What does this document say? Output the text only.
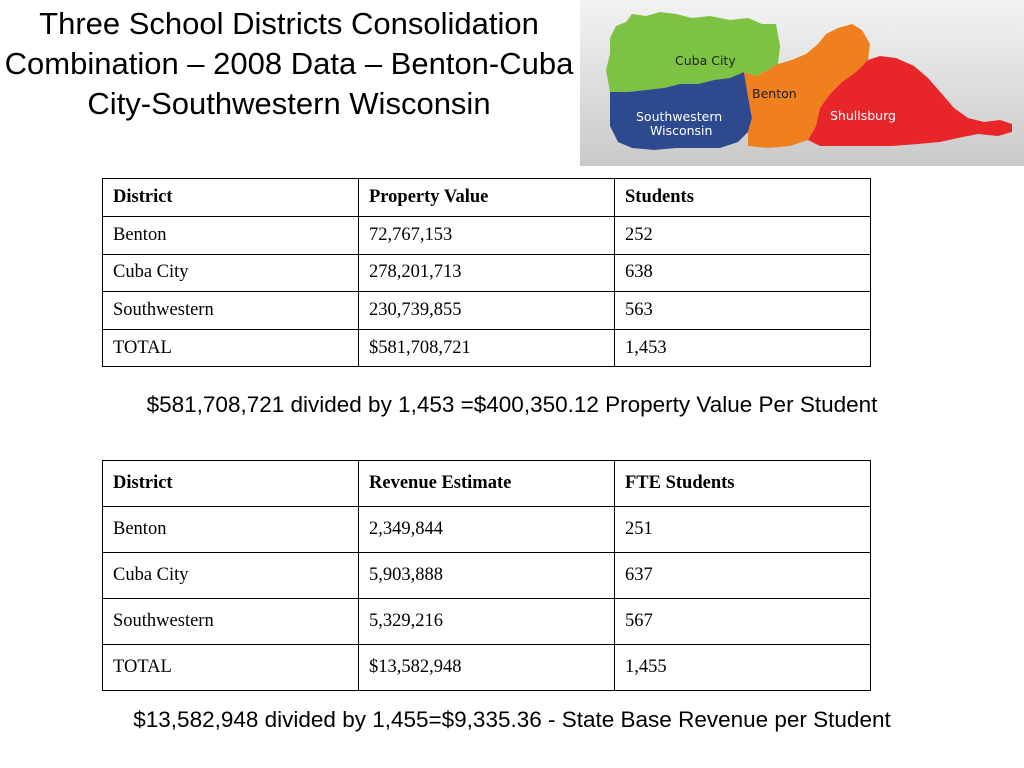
Three School Districts Consolidation Combination – 2008 Data – Benton-Cuba City-Southwestern Wisconsin
Cuba City
Benton
Southwestern
Wisconsin
Shullsburg
District	Property Value	Students
Benton	72,767,153	252
Cuba City	278,201,713	638
Southwestern	230,739,855	563
TOTAL	$581,708,721	1,453
$581,708,721 divided by 1,453 =$400,350.12 Property Value Per Student
District	Revenue Estimate	FTE Students
Benton	2,349,844	251
Cuba City	5,903,888	637
Southwestern	5,329,216	567
TOTAL	$13,582,948	1,455
$13,582,948 divided by 1,455=$9,335.36 - State Base Revenue per Student
